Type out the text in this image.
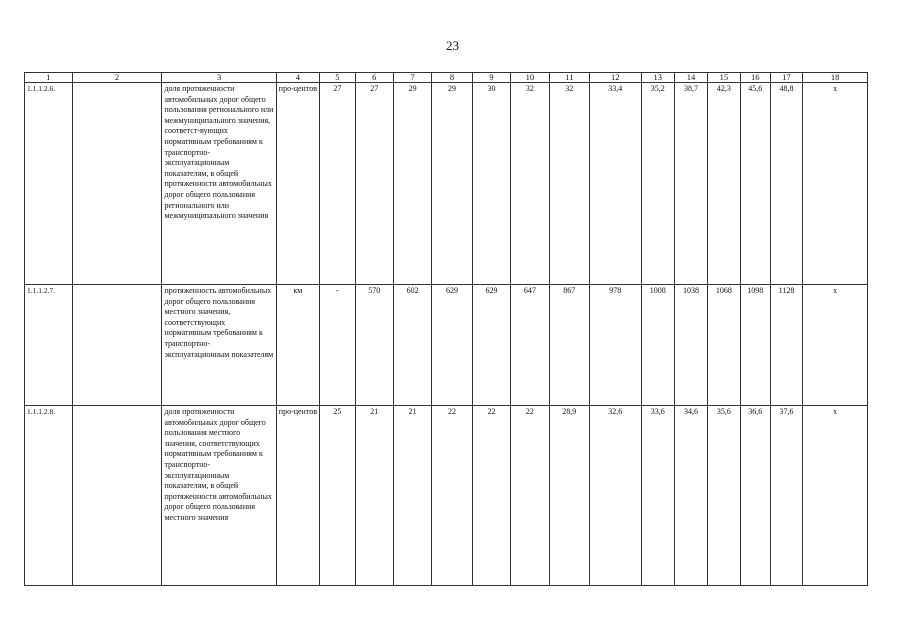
23
1	2	3	4	5	6	7	8	9	10	11	12	13	14	15	16	17	18
1.1.1.2.6.		доля протяженности автомобильных дорог общего пользования регионального или межмуниципального значения, соответст-вующих нормативным требованиям к транспортно-эксплуатационным показателям, в общей протяженности автомобильных дорог общего пользования регионального или межмуниципального значения	про-центов	27	27	29	29	30	32	32	33,4	35,2	38,7	42,3	45,6	48,8	х
1.1.1.2.7.		протяженность автомобильных дорог общего пользования местного значения, соответствующих нормативным требованиям к транспортно-эксплуатационным показателям	км	-	570	602	629	629	647	867	978	1008	1038	1068	1098	1128	х
1.1.1.2.8.		доля протяженности автомобильных дорог общего пользования местного значения, соответствующих нормативным требованиям к транспортно-эксплуатационным показателям, в общей протяженности автомобильных дорог общего пользования местного значения	про-центов	25	21	21	22	22	22	28,9	32,6	33,6	34,6	35,6	36,6	37,6	х
